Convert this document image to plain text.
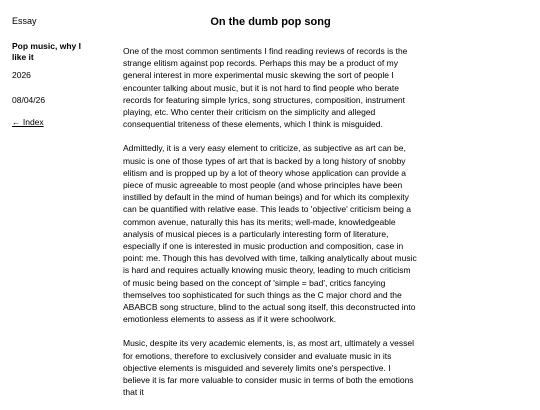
Essay
Pop music, why I like it
2026
08/04/26
← Index
On the dumb pop song

One of the most common sentiments I find reading reviews of records is the strange elitism against pop records. Perhaps this may be a product of my general interest in more experimental music skewing the sort of people I encounter talking about music, but it is not hard to find people who berate records for featuring simple lyrics, song structures, composition, instrument playing, etc. Who center their criticism on the simplicity and alleged consequential triteness of these elements, which I think is misguided.

Admittedly, it is a very easy element to criticize, as subjective as art can be, music is one of those types of art that is backed by a long history of snobby elitism and is propped up by a lot of theory whose application can provide a piece of music agreeable to most people (and whose principles have been instilled by default in the mind of human beings) and for which its complexity can be quantified with relative ease. This leads to 'objective' criticism being a common avenue, naturally this has its merits; well-made, knowledgeable analysis of musical pieces is a particularly interesting form of literature, especially if one is interested in music production and composition, case in point: me. Though this has devolved with time, talking analytically about music is hard and requires actually knowing music theory, leading to much criticism of music being based on the concept of 'simple = bad', critics fancying themselves too sophisticated for such things as the C major chord and the ABABCB song structure, blind to the actual song itself, this deconstructed into emotionless elements to assess as if it were schoolwork.

Music, despite its very academic elements, is, as most art, ultimately a vessel for emotions, therefore to exclusively consider and evaluate music in its objective elements is misguided and severely limits one's perspective. I believe it is far more valuable to consider music in terms of both the emotions that it
